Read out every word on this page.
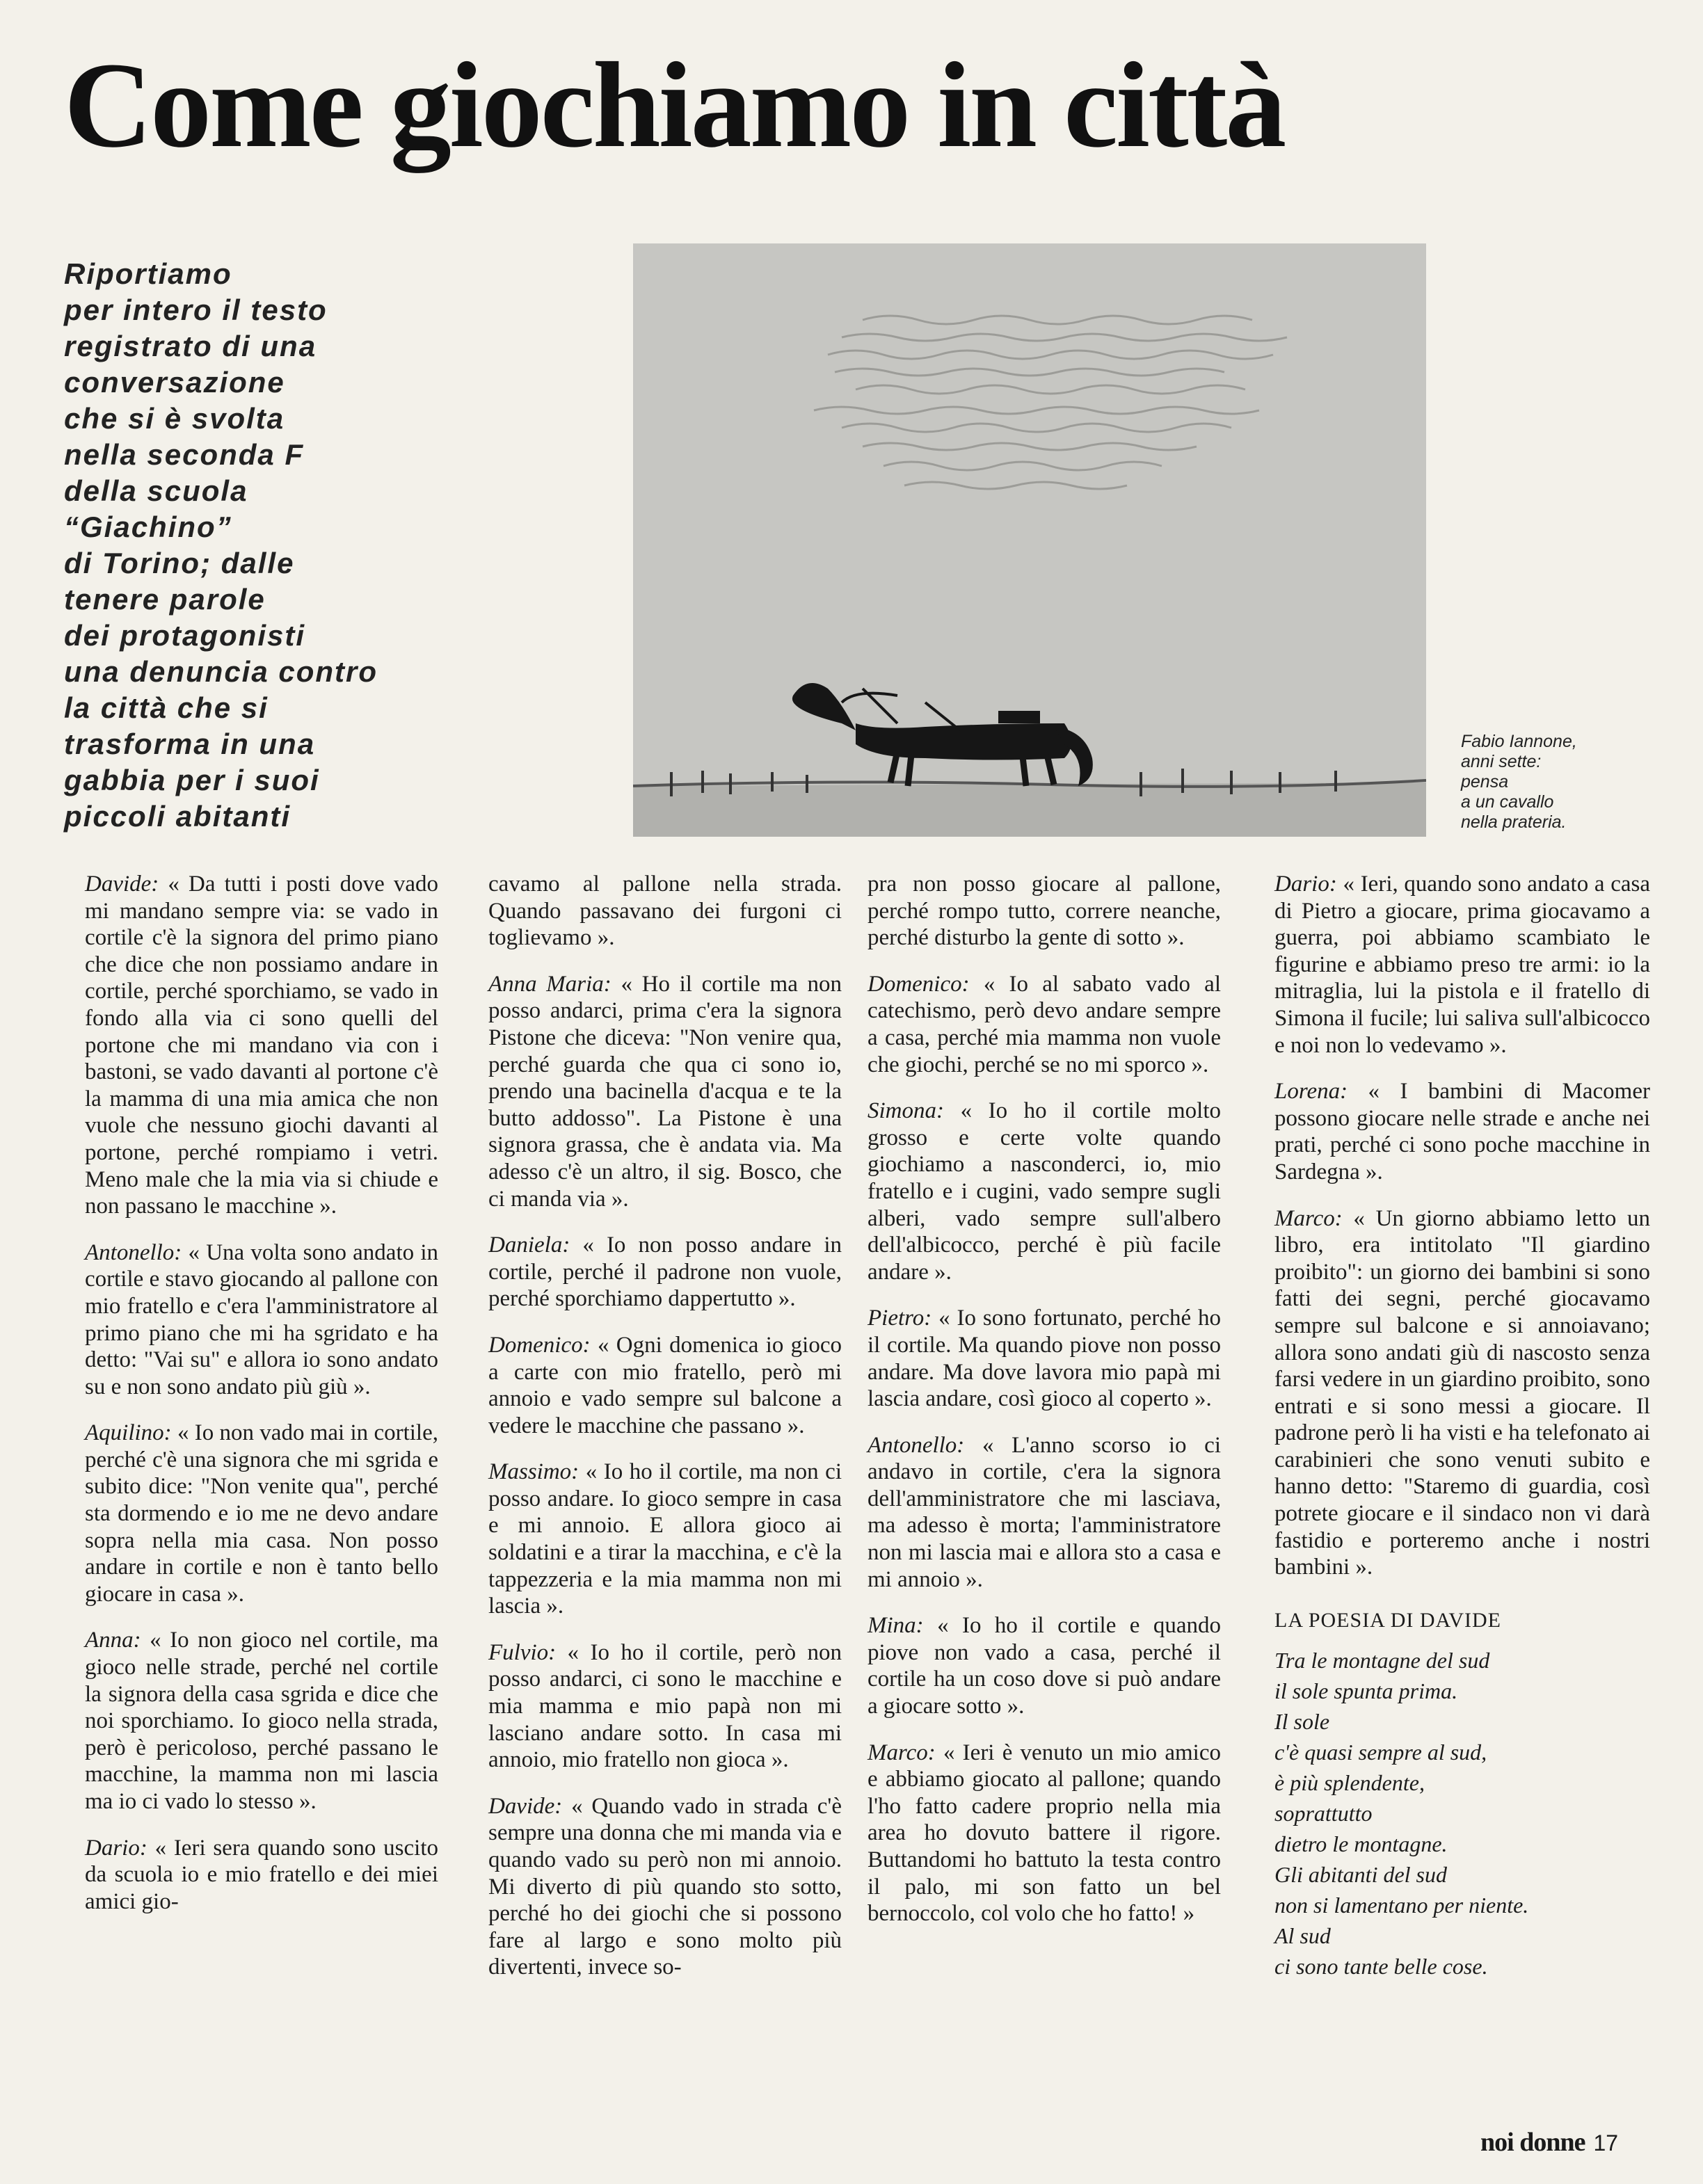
Come giochiamo in città
Riportiamo
per intero il testo
registrato di una
conversazione
che si è svolta
nella seconda F
della scuola
“Giachino”
di Torino; dalle
tenere parole
dei protagonisti
una denuncia contro
la città che si
trasforma in una
gabbia per i suoi
piccoli abitanti
Fabio Iannone,
anni sette:
pensa
a un cavallo
nella prateria.

Davide: « Da tutti i posti dove vado mi mandano sempre via: se vado in cortile c'è la signora del primo piano che dice che non possiamo andare in cortile, perché sporchiamo, se vado in fondo alla via ci sono quelli del portone che mi mandano via con i bastoni, se vado davanti al portone c'è la mamma di una mia amica che non vuole che nessuno giochi davanti al portone, perché rompiamo i vetri. Meno male che la mia via si chiude e non passano le macchine ».

Antonello: « Una volta sono andato in cortile e stavo giocando al pallone con mio fratello e c'era l'amministratore al primo piano che mi ha sgridato e ha detto: "Vai su" e allora io sono andato su e non sono andato più giù ».

Aquilino: « Io non vado mai in cortile, perché c'è una signora che mi sgrida e subito dice: "Non venite qua", perché sta dormendo e io me ne devo andare sopra nella mia casa. Non posso andare in cortile e non è tanto bello giocare in casa ».

Anna: « Io non gioco nel cortile, ma gioco nelle strade, perché nel cortile la signora della casa sgrida e dice che noi sporchiamo. Io gioco nella strada, però è pericoloso, perché passano le macchine, la mamma non mi lascia ma io ci vado lo stesso ».

Dario: « Ieri sera quando sono uscito da scuola io e mio fratello e dei miei amici gio-

cavamo al pallone nella strada. Quando passavano dei furgoni ci toglievamo ».

Anna Maria: « Ho il cortile ma non posso andarci, prima c'era la signora Pistone che diceva: "Non venire qua, perché guarda che qua ci sono io, prendo una bacinella d'acqua e te la butto addosso". La Pistone è una signora grassa, che è andata via. Ma adesso c'è un altro, il sig. Bosco, che ci manda via ».

Daniela: « Io non posso andare in cortile, perché il padrone non vuole, perché sporchiamo dappertutto ».

Domenico: « Ogni domenica io gioco a carte con mio fratello, però mi annoio e vado sempre sul balcone a vedere le macchine che passano ».

Massimo: « Io ho il cortile, ma non ci posso andare. Io gioco sempre in casa e mi annoio. E allora gioco ai soldatini e a tirar la macchina, e c'è la tappezzeria e la mia mamma non mi lascia ».

Fulvio: « Io ho il cortile, però non posso andarci, ci sono le macchine e mia mamma e mio papà non mi lasciano andare sotto. In casa mi annoio, mio fratello non gioca ».

Davide: « Quando vado in strada c'è sempre una donna che mi manda via e quando vado su però non mi annoio. Mi diverto di più quando sto sotto, perché ho dei giochi che si possono fare al largo e sono molto più divertenti, invece so-

pra non posso giocare al pallone, perché rompo tutto, correre neanche, perché disturbo la gente di sotto ».

Domenico: « Io al sabato vado al catechismo, però devo andare sempre a casa, perché mia mamma non vuole che giochi, perché se no mi sporco ».

Simona: « Io ho il cortile molto grosso e certe volte quando giochiamo a nasconderci, io, mio fratello e i cugini, vado sempre sugli alberi, vado sempre sull'albero dell'albicocco, perché è più facile andare ».

Pietro: « Io sono fortunato, perché ho il cortile. Ma quando piove non posso andare. Ma dove lavora mio papà mi lascia andare, così gioco al coperto ».

Antonello: « L'anno scorso io ci andavo in cortile, c'era la signora dell'amministratore che mi lasciava, ma adesso è morta; l'amministratore non mi lascia mai e allora sto a casa e mi annoio ».

Mina: « Io ho il cortile e quando piove non vado a casa, perché il cortile ha un coso dove si può andare a giocare sotto ».

Marco: « Ieri è venuto un mio amico e abbiamo giocato al pallone; quando l'ho fatto cadere proprio nella mia area ho dovuto battere il rigore. Buttandomi ho battuto la testa contro il palo, mi son fatto un bel bernoccolo, col volo che ho fatto! »

Dario: « Ieri, quando sono andato a casa di Pietro a giocare, prima giocavamo a guerra, poi abbiamo scambiato le figurine e abbiamo preso tre armi: io la mitraglia, lui la pistola e il fratello di Simona il fucile; lui saliva sull'albicocco e noi non lo vedevamo ».

Lorena: « I bambini di Macomer possono giocare nelle strade e anche nei prati, perché ci sono poche macchine in Sardegna ».

Marco: « Un giorno abbiamo letto un libro, era intitolato "Il giardino proibito": un giorno dei bambini si sono fatti dei segni, perché giocavamo sempre sul balcone e si annoiavano; allora sono andati giù di nascosto senza farsi vedere in un giardino proibito, sono entrati e si sono messi a giocare. Il padrone però li ha visti e ha telefonato ai carabinieri che sono venuti subito e hanno detto: "Staremo di guardia, così potrete giocare e il sindaco non vi darà fastidio e porteremo anche i nostri bambini ».

LA POESIA DI DAVIDE
Tra le montagne del sud
il sole spunta prima.
Il sole
c'è quasi sempre al sud,
è più splendente,
soprattutto
dietro le montagne.
Gli abitanti del sud
non si lamentano per niente.
Al sud
ci sono tante belle cose.
noi donne 17
